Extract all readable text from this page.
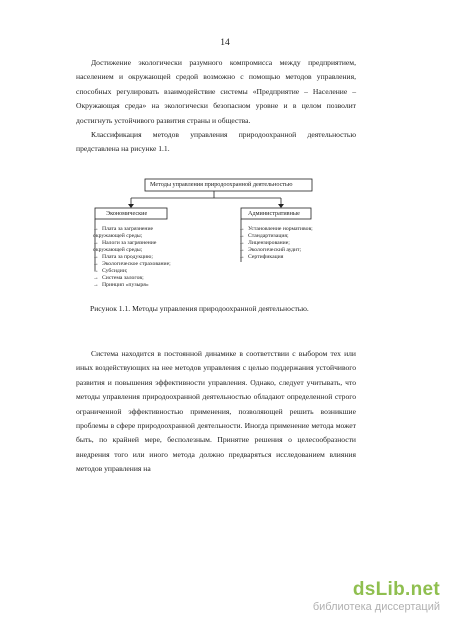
14

Достижение экологически разумного компромисса между предприятием, населением и окружающей средой возможно с помощью методов управления, способных регулировать взаимодействие системы «Предприятие – Население – Окружающая среда» на экологически безопасном уровне и в целом позволит достигнуть устойчивого развития страны и общества.

Классификация методов управления природоохранной деятельностью представлена на рисунке 1.1.

Методы управления природоохранной деятельностью
Экономические	Административные
→ Плата за загрязнение окружающей среды;
→ Налоги за загрязнение окружающей среды;
→ Плата за продукцию;
→ Экологическое страхование;
→ Субсидии;
→ Система залогов;
→ Принцип «пузыря»
→ Установление нормативов;
→ Стандартизация;
→ Лицензирование;
→ Экологический аудит;
→ Сертификация
Рисунок 1.1. Методы управления природоохранной деятельностью.

Система находится в постоянной динамике в соответствии с выбором тех или иных воздействующих на нее методов управления с целью поддержания устойчивого развития и повышения эффективности управления. Однако, следует учитывать, что методы управления природоохранной деятельностью обладают определенной строго ограниченной эффективностью применения, позволяющей решить возникшие проблемы в сфере природоохранной деятельности. Иногда применение метода может быть, по крайней мере, бесполезным. Принятие решения о целесообразности внедрения того или иного метода должно предваряться исследованием влияния методов управления на

dsLib.net
библиотека диссертаций
